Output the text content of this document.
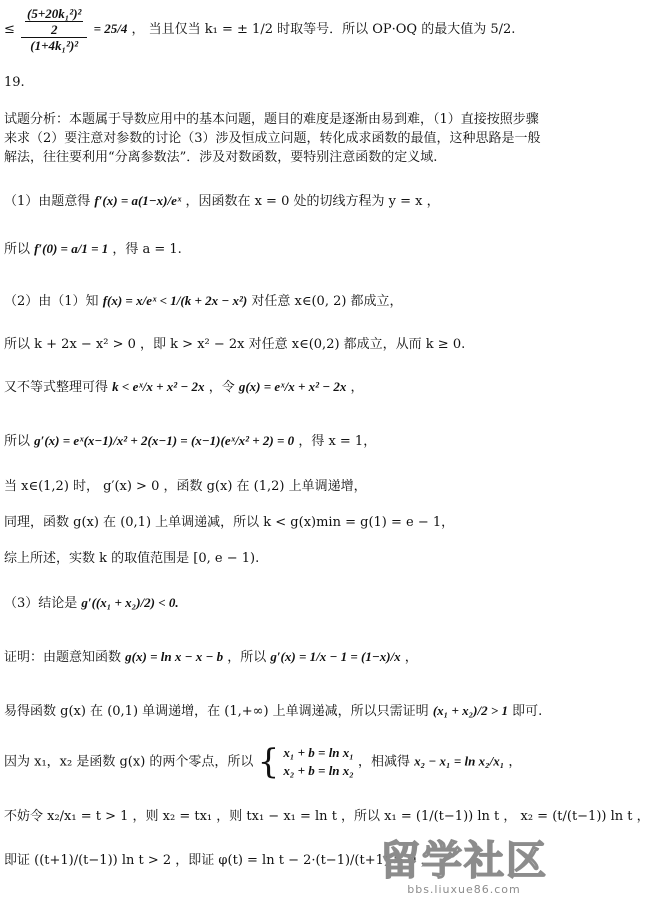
≤ $\frac{\frac{\text{(5+20k₁²)²}}{2}}{\text{(1+4k₁²)²}} = 25/4$ ， 当且仅当 k₁ = ± 1/2 时取等号．所以 OP·OQ 的最大值为 5/2.
19.
试题分析：本题属于导数应用中的基本问题，题目的难度是逐渐由易到难，（1）直接按照步骤来求（2）要注意对参数的讨论（3）涉及恒成立问题，转化成求函数的最值，这种思路是一般解法，往往要利用“分离参数法”．涉及对数函数，要特别注意函数的定义域.
（1）由题意得 f′(x) = a(1−x)/eˣ ，因函数在 x = 0 处的切线方程为 y = x ，
所以 f′(0) = a/1 = 1 ，得 a = 1.
（2）由（1）知 f(x) = x/eˣ < 1/(k + 2x − x²) 对任意 x∈(0, 2) 都成立，
所以 k + 2x − x² > 0 ，即 k > x² − 2x 对任意 x∈(0,2) 都成立，从而 k ≥ 0.
又不等式整理可得 k < eˣ/x + x² − 2x ，令 g(x) = eˣ/x + x² − 2x ，
所以 g′(x) = eˣ(x−1)/x² + 2(x−1) = (x−1)(eˣ/x² + 2) = 0 ，得 x = 1，
当 x∈(1,2) 时， g′(x) > 0 ，函数 g(x) 在 (1,2) 上单调递增，
同理，函数 g(x) 在 (0,1) 上单调递减，所以 k < g(x)min = g(1) = e − 1，
综上所述，实数 k 的取值范围是 [0, e − 1).
（3）结论是 g′((x₁ + x₂)/2) < 0.
证明：由题意知函数 g(x) = ln x − x − b ，所以 g′(x) = 1/x − 1 = (1−x)/x ，
易得函数 g(x) 在 (0,1) 单调递增，在 (1,+∞) 上单调递减，所以只需证明 (x₁ + x₂)/2 > 1 即可.
因为 x₁，x₂ 是函数 g(x) 的两个零点，所以 { x₁ + b = ln x₁
x₂ + b = ln x₂
，相减得 x₂ − x₁ = ln x₂/x₁ ，
不妨令 x₂/x₁ = t > 1 ，则 x₂ = tx₁ ，则 tx₁ − x₁ = ln t ，所以 x₁ = (1/(t−1)) ln t ， x₂ = (t/(t−1)) ln t ，
即证 ((t+1)/(t−1)) ln t > 2 ，即证 φ(t) = ln t − 2·(t−1)/(t+1) > 0 ，
留学社区
bbs.liuxue86.com
